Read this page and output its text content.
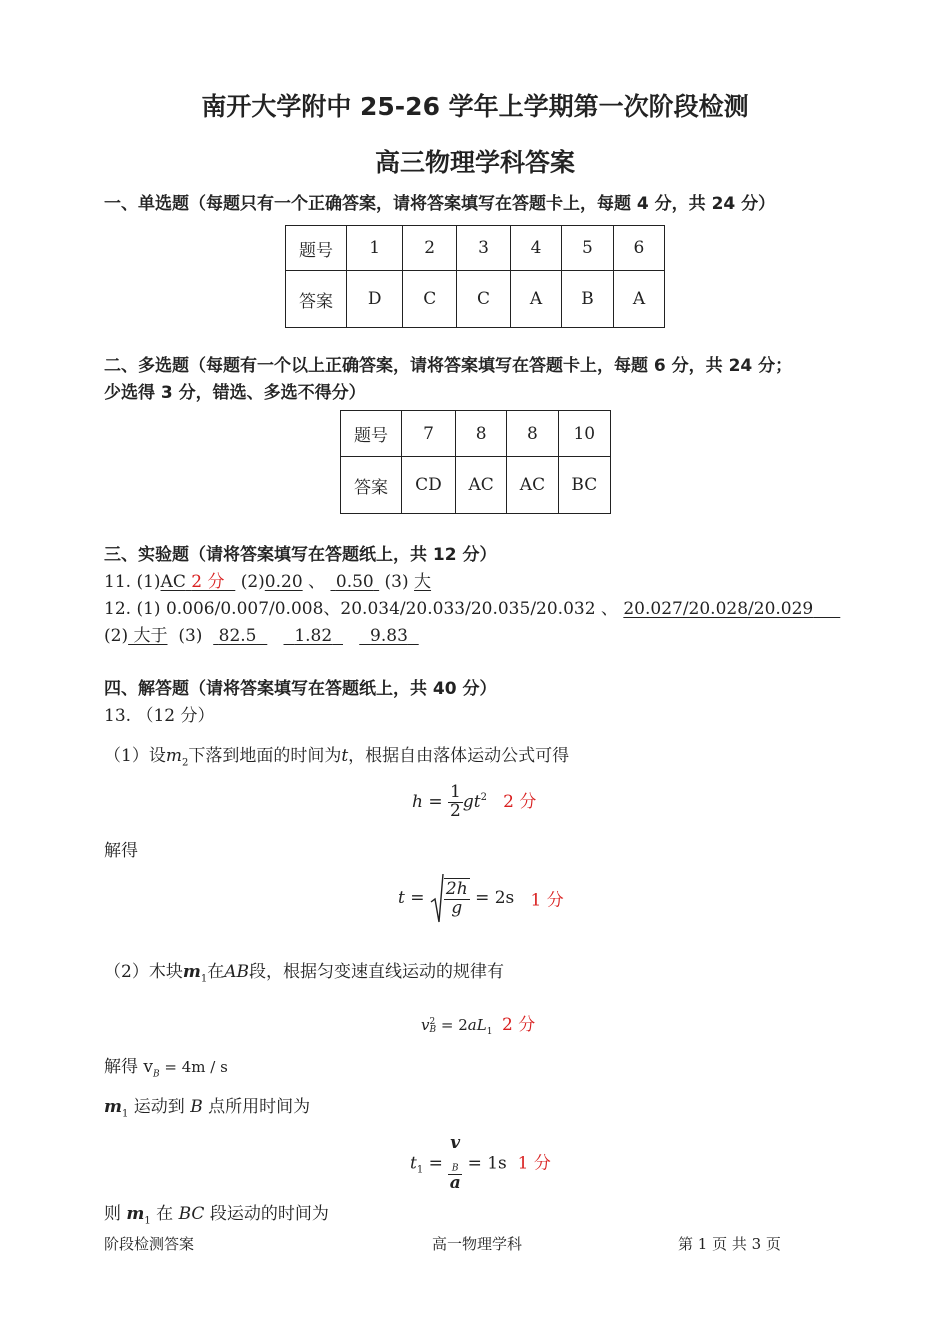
南开大学附中 25-26 学年上学期第一次阶段检测
高三物理学科答案
一、单选题（每题只有一个正确答案，请将答案填写在答题卡上，每题 4 分，共 24 分）
题号	1	2	3	4	5	6
答案	D	C	C	A	B	A
二、多选题（每题有一个以上正确答案，请将答案填写在答题卡上，每题 6 分，共 24 分；
少选得 3 分，错选、多选不得分）
题号	7	8	8	10
答案	CD	AC	AC	BC
三、实验题（请将答案填写在答题纸上，共 12 分）
11. (1)AC 2 分 (2)0.20 、 0.50 (3) 大
12. (1) 0.006/0.007/0.008、20.034/20.033/20.035/20.032 、 20.027/20.028/20.029
(2) 大于 (3) 82.5 1.82 9.83
四、解答题（请将答案填写在答题纸上，共 40 分）
13. （12 分）
（1）设$m_2$下落到地面的时间为t，根据自由落体运动公式可得
$h = \frac{1}{2} gt^2$ 2 分
解得
$t = \frac{2h}{g} = 2s$ 1 分
（2）木块$m_1$在AB段，根据匀变速直线运动的规律有
v 2
$B = 2aL_1$ 2 分
解得 $v_B = 4m / s$
$m_1$ 运动到 B 点所用时间为
$t_1 = v$
$_B$
a = 1s 1 分
则 $m_1$ 在 BC 段运动的时间为
阶段检测答案	高一物理学科	第 1 页 共 3 页
